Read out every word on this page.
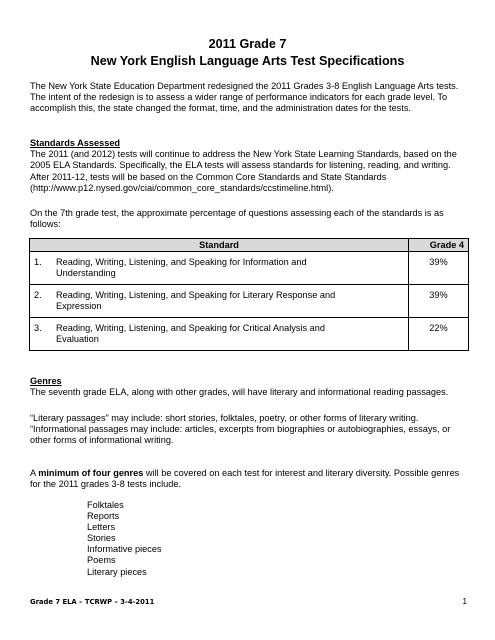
2011 Grade 7
New York English Language Arts Test Specifications

The New York State Education Department redesigned the 2011 Grades 3-8 English Language Arts tests. The intent of the redesign is to assess a wider range of performance indicators for each grade level. To accomplish this, the state changed the format, time, and the administration dates for the tests.

Standards Assessed
The 2011 (and 2012) tests will continue to address the New York State Learning Standards, based on the 2005 ELA Standards. Specifically, the ELA tests will assess standards for listening, reading, and writing. After 2011-12, tests will be based on the Common Core Standards and State Standards (http://www.p12.nysed.gov/ciai/common_core_standards/ccstimeline.html).

On the 7th grade test, the approximate percentage of questions assessing each of the standards is as follows:

Standard	Grade 4
1. Reading, Writing, Listening, and Speaking for Information and Understanding	39%
2. Reading, Writing, Listening, and Speaking for Literary Response and Expression	39%
3. Reading, Writing, Listening, and Speaking for Critical Analysis and Evaluation	22%
Genres
The seventh grade ELA, along with other grades, will have literary and informational reading passages.

“Literary passages” may include: short stories, folktales, poetry, or other forms of literary writing.

“Informational passages may include: articles, excerpts from biographies or autobiographies, essays, or other forms of informational writing.

A minimum of four genres will be covered on each test for interest and literary diversity. Possible genres for the 2011 grades 3-8 tests include.

Folktales
Reports
Letters
Stories
Informative pieces
Poems
Literary pieces
Grade 7 ELA – TCRWP – 3-4-2011	1
